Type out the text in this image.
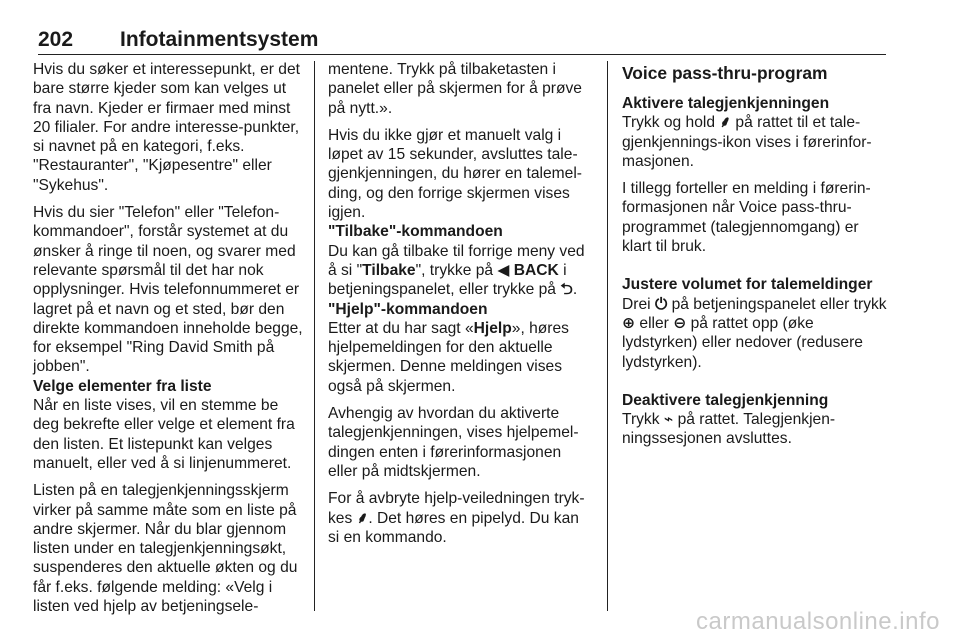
202 Infotainmentsystem

Hvis du søker et interessepunkt, er det bare større kjeder som kan velges ut fra navn. Kjeder er firmaer med minst 20 filialer. For andre interesse-punkter, si navnet på en kategori, f.eks. "Restauranter", "Kjøpesentre" eller "Sykehus".

Hvis du sier "Telefon" eller "Telefon-kommandoer", forstår systemet at du ønsker å ringe til noen, og svarer med relevante spørsmål til det har nok opplysninger. Hvis telefonnummeret er lagret på et navn og et sted, bør den direkte kommandoen inneholde begge, for eksempel "Ring David Smith på jobben".

Velge elementer fra liste

Når en liste vises, vil en stemme be deg bekrefte eller velge et element fra den listen. Et listepunkt kan velges manuelt, eller ved å si linjenummeret.

Listen på en talegjenkjenningsskjerm virker på samme måte som en liste på andre skjermer. Når du blar gjennom listen under en talegjenkjenningsøkt, suspenderes den aktuelle økten og du får f.eks. følgende melding: «Velg i listen ved hjelp av betjeningsele-

mentene. Trykk på tilbaketasten i panelet eller på skjermen for å prøve på nytt.».

Hvis du ikke gjør et manuelt valg i løpet av 15 sekunder, avsluttes tale-gjenkjenningen, du hører en talemel-ding, og den forrige skjermen vises igjen.

"Tilbake"-kommandoen

Du kan gå tilbake til forrige meny ved å si "Tilbake", trykke på ◀ BACK i betjeningspanelet, eller trykke på ⮌.

"Hjelp"-kommandoen

Etter at du har sagt «Hjelp», høres hjelpemeldingen for den aktuelle skjermen. Denne meldingen vises også på skjermen.

Avhengig av hvordan du aktiverte talegjenkjenningen, vises hjelpemel-dingen enten i førerinformasjonen eller på midtskjermen.

For å avbryte hjelp-veiledningen tryk-kes ⸙. Det høres en pipelyd. Du kan si en kommando.

Voice pass-thru-program

Aktivere talegjenkjenningen

Trykk og hold ⸙ på rattet til et tale-gjenkjennings-ikon vises i førerinfor-masjonen.

I tillegg forteller en melding i førerin-formasjonen når Voice pass-thru-programmet (talegjennomgang) er klart til bruk.

Justere volumet for talemeldinger

Drei ⏻ på betjeningspanelet eller trykk ⊕ eller ⊖ på rattet opp (øke lydstyrken) eller nedover (redusere lydstyrken).

Deaktivere talegjenkjenning

Trykk ⌁ på rattet. Talegjenkjen-ningssesjonen avsluttes.

carmanualsonline.info
